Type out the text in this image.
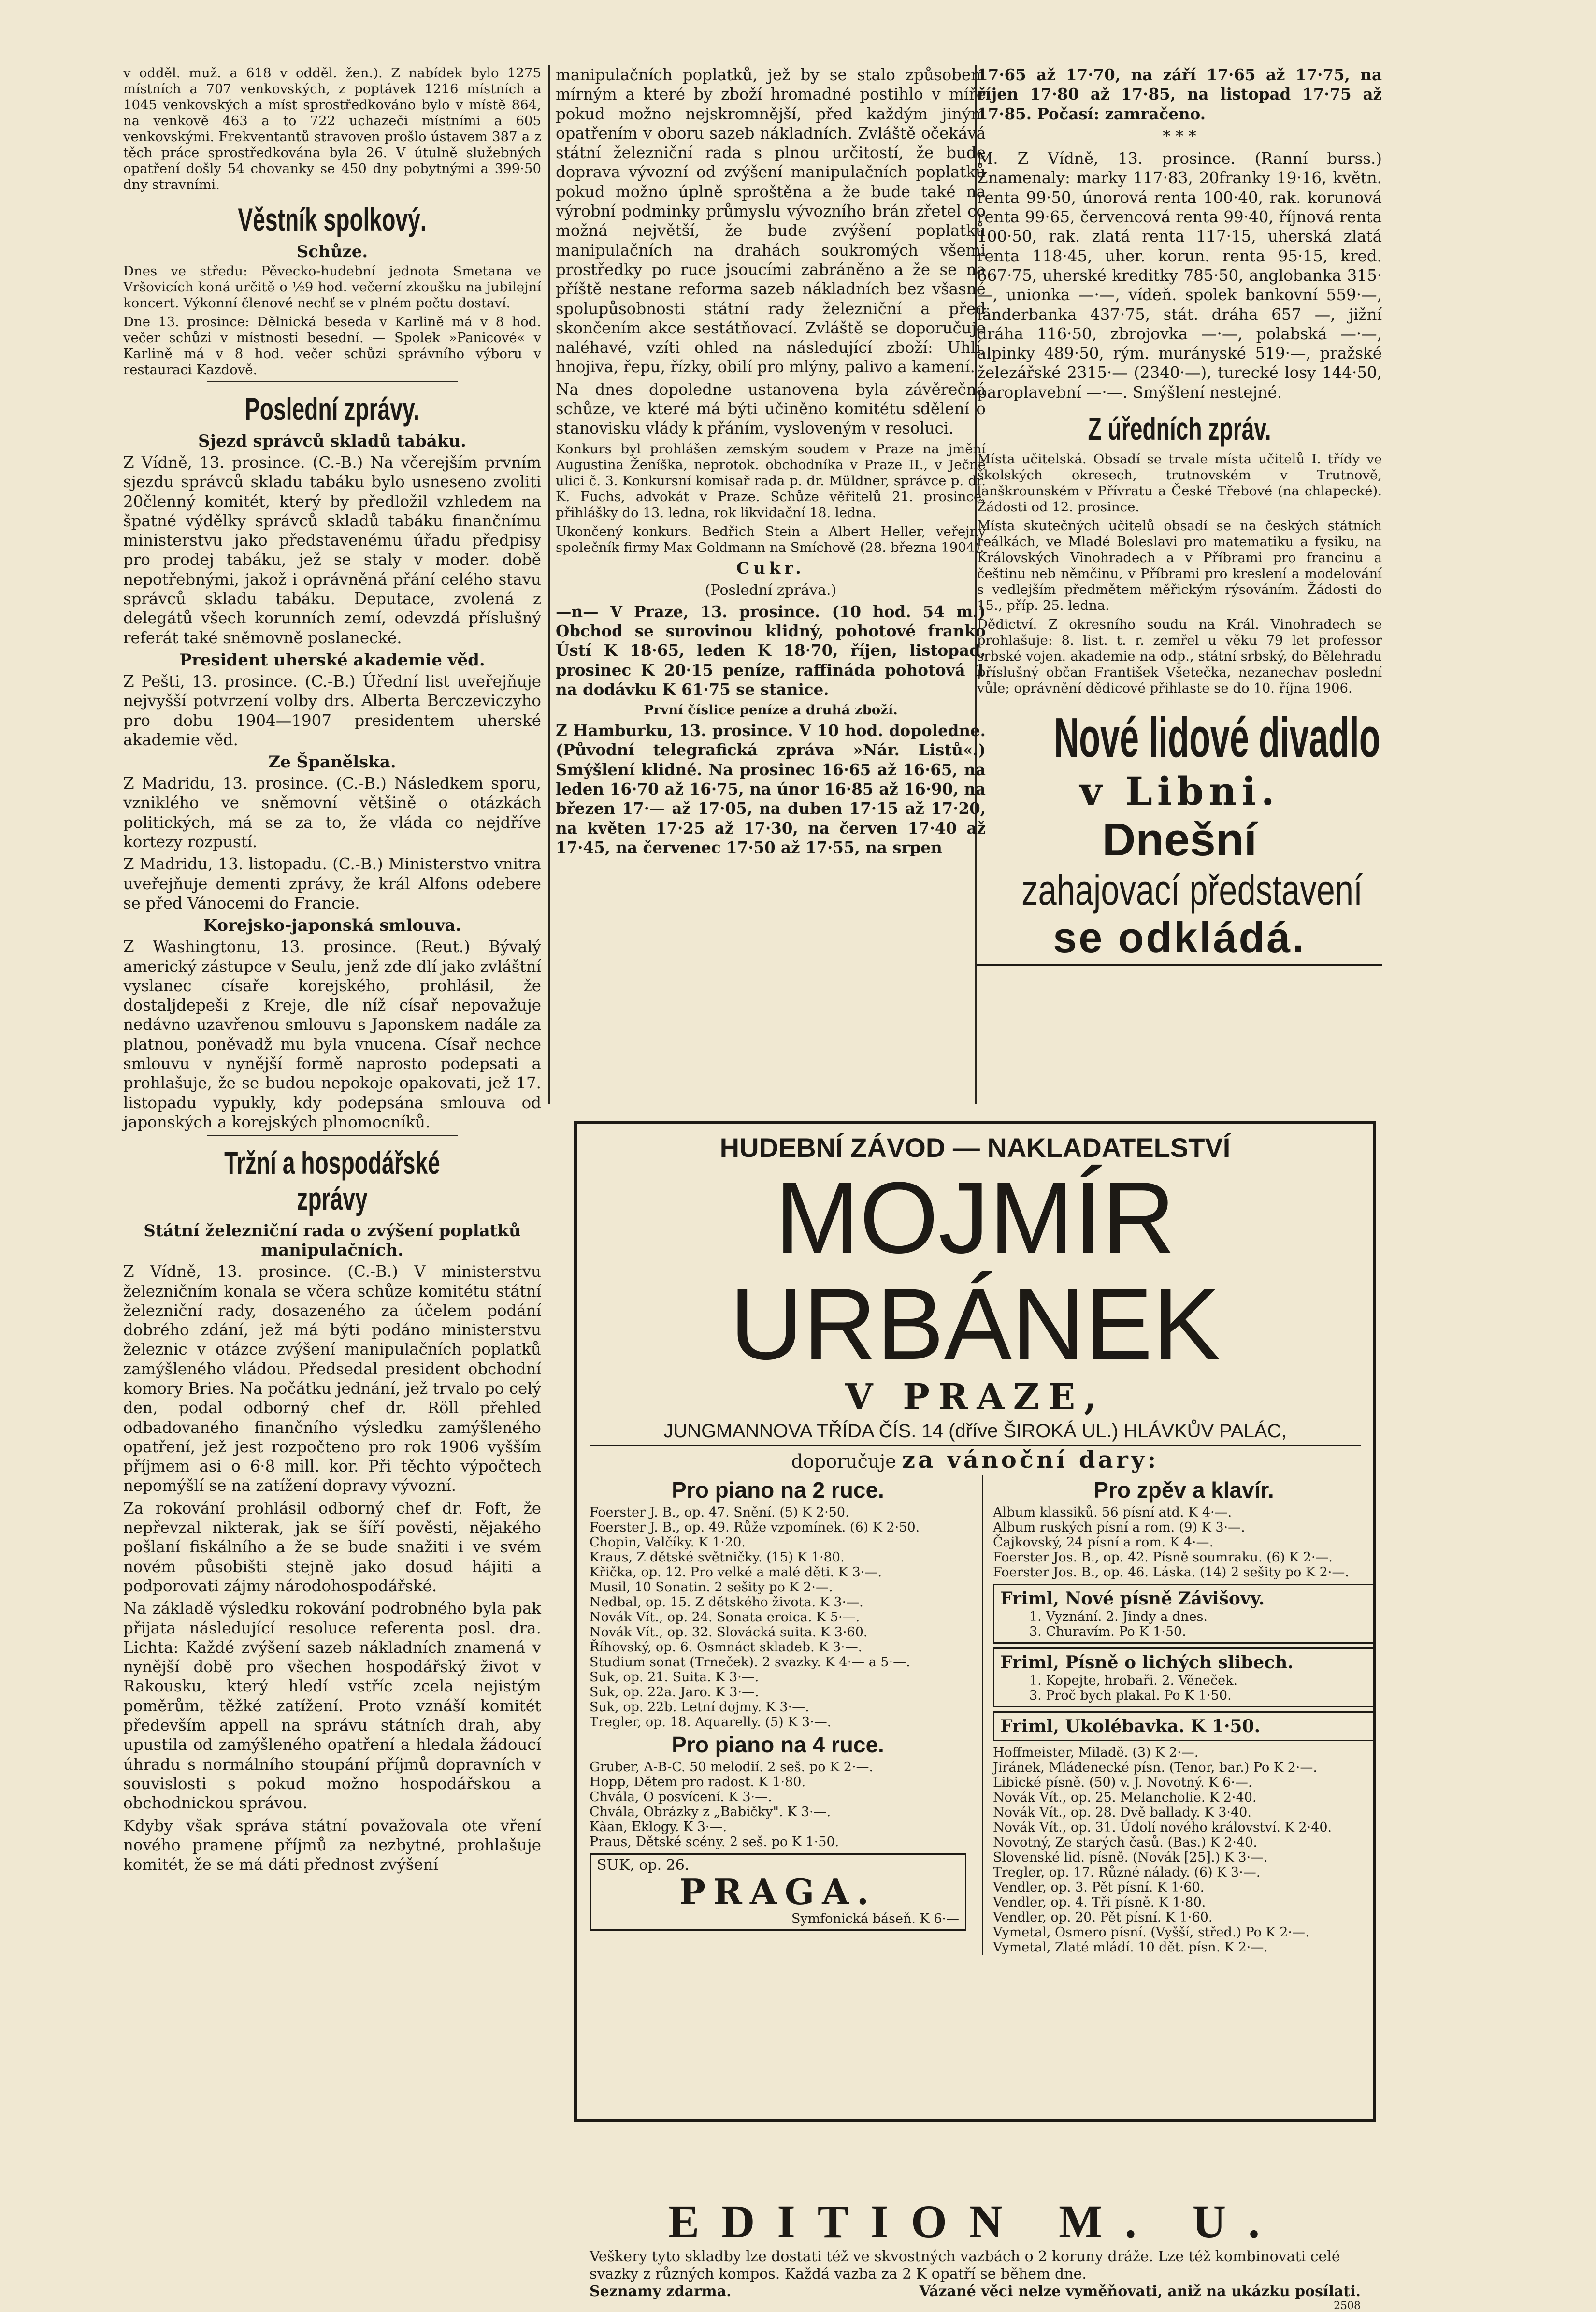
v odděl. muž. a 618 v odděl. žen.). Z nabídek bylo 1275 místních a 707 venkovských, z poptávek 1216 místních a 1045 venkovských a míst sprostředkováno bylo v místě 864, na venkově 463 a to 722 uchazeči místními a 605 venkovskými. Frekventantů stravoven prošlo ústavem 387 a z těch práce sprostředkována byla 26. V útulně služebných opatření došly 54 chovanky se 450 dny pobytnými a 399·50 dny stravními.

Věstník spolkový.
Schůze.

Dnes ve středu: Pěvecko-hudební jednota Smetana ve Vršovicích koná určitě o ½9 hod. večerní zkoušku na jubilejní koncert. Výkonní členové nechť se v plném počtu dostaví.

Dne 13. prosince: Dělnická beseda v Karlině má v 8 hod. večer schůzi v místnosti besední. — Spolek »Panicové« v Karlině má v 8 hod. večer schůzi správního výboru v restauraci Kazdově.

Poslední zprávy.
Sjezd správců skladů tabáku.

Z Vídně, 13. prosince. (C.-B.) Na včerejším prvním sjezdu správců skladu tabáku bylo usneseno zvoliti 20členný komitét, který by předložil vzhledem na špatné výdělky správců skladů tabáku finančnímu ministerstvu jako představenému úřadu předpisy pro prodej tabáku, jež se staly v moder. době nepotřebnými, jakož i oprávněná přání celého stavu správců skladu tabáku. Deputace, zvolená z delegátů všech korunních zemí, odevzdá příslušný referát také sněmovně poslanecké.

President uherské akademie věd.

Z Pešti, 13. prosince. (C.-B.) Úřední list uveřejňuje nejvyšší potvrzení volby drs. Alberta Berczeviczyho pro dobu 1904—1907 presidentem uherské akademie věd.

Ze Španělska.

Z Madridu, 13. prosince. (C.-B.) Následkem sporu, vzniklého ve sněmovní většině o otázkách politických, má se za to, že vláda co nejdříve kortezy rozpustí.

Z Madridu, 13. listopadu. (C.-B.) Ministerstvo vnitra uveřejňuje dementi zprávy, že král Alfons odebere se před Vánocemi do Francie.

Korejsko-japonská smlouva.

Z Washingtonu, 13. prosince. (Reut.) Bývalý americký zástupce v Seulu, jenž zde dlí jako zvláštní vyslanec císaře korejského, prohlásil, že dostaljdepeši z Kreje, dle níž císař nepovažuje nedávno uzavřenou smlouvu s Japonskem nadále za platnou, poněvadž mu byla vnucena. Císař nechce smlouvu v nynější formě naprosto podepsati a prohlašuje, že se budou nepokoje opakovati, jež 17. listopadu vypukly, kdy podepsána smlouva od japonských a korejských plnomocníků.

Tržní a hospodářské zprávy
Státní železniční rada o zvýšení poplatků manipulačních.

Z Vídně, 13. prosince. (C.-B.) V ministerstvu železničním konala se včera schůze komitétu státní železniční rady, dosazeného za účelem podání dobrého zdání, jež má býti podáno ministerstvu železnic v otázce zvýšení manipulačních poplatků zamýšleného vládou. Předsedal president obchodní komory Bries. Na počátku jednání, jež trvalo po celý den, podal odborný chef dr. Röll přehled odbadovaného finančního výsledku zamýšleného opatření, jež jest rozpočteno pro rok 1906 vyšším příjmem asi o 6·8 mill. kor. Při těchto výpočtech nepomýšlí se na zatížení dopravy vývozní.

Za rokování prohlásil odborný chef dr. Foft, že nepřevzal nikterak, jak se šíří pověsti, nějakého pošlaní fiskálního a že se bude snažiti i ve svém novém působišti stejně jako dosud hájiti a podporovati zájmy národohospodářské.

Na základě výsledku rokování podrobného byla pak přijata následující resoluce referenta posl. dra. Lichta: Každé zvýšení sazeb nákladních znamená v nynější době pro všechen hospodářský život v Rakousku, který hledí vstříc zcela nejistým poměrům, těžké zatížení. Proto vznáší komitét především appell na správu státních drah, aby upustila od zamýšleného opatření a hledala žádoucí úhradu s normálního stoupání příjmů dopravních v souvislosti s pokud možno hospodářskou a obchodnickou správou.

Kdyby však správa státní považovala ote vření nového pramene příjmů za nezbytné, prohlašuje komitét, že se má dáti přednost zvýšení

manipulačních poplatků, jež by se stalo způsobem mírným a které by zboží hromadné postihlo v míře pokud možno nejskromnější, před každým jiným opatřením v oboru sazeb nákladních. Zvláště očekává státní železniční rada s plnou určitostí, že bude doprava vývozní od zvýšení manipulačních poplatků pokud možno úplně sproštěna a že bude také na výrobní podminky průmyslu vývozního brán zřetel co možná největší, že bude zvýšení poplatků manipulačních na drahách soukromých všemi prostředky po ruce jsoucími zabráněno a že se na příště nestane reforma sazeb nákladních bez všasné spolupůsobnosti státní rady železniční a před skončením akce sestátňovací. Zvláště se doporučuje naléhavé, vzíti ohled na následující zboží: Uhlí, hnojiva, řepu, řízky, obilí pro mlýny, palivo a kamení.

Na dnes dopoledne ustanovena byla závěrečná schůze, ve které má býti učiněno komitétu sdělení o stanovisku vlády k přáním, vysloveným v resoluci.

Konkurs byl prohlášen zemským soudem v Praze na jmění Augustina Ženíška, neprotok. obchodníka v Praze II., v Ječné ulici č. 3. Konkursní komisař rada p. dr. Müldner, správce p. dr. K. Fuchs, advokát v Praze. Schůze věřitelů 21. prosince, přihlášky do 13. ledna, rok likvidační 18. ledna.

Ukončený konkurs. Bedřich Stein a Albert Heller, veřejný společník firmy Max Goldmann na Smíchově (28. března 1904).

Cukr.
(Poslední zpráva.)

—n— V Praze, 13. prosince. (10 hod. 54 m.) Obchod se surovinou klidný, pohotové franko Ústí K 18·65, leden K 18·70, říjen, listopad, prosinec K 20·15 peníze, raffináda pohotová 1 na dodávku K 61·75 se stanice.

První číslice peníze a druhá zboží.

Z Hamburku, 13. prosince. V 10 hod. dopoledne. (Původní telegrafická zpráva »Nár. Listů«.) Smýšlení klidné. Na prosinec 16·65 až 16·65, na leden 16·70 až 16·75, na únor 16·85 až 16·90, na březen 17·— až 17·05, na duben 17·15 až 17·20, na květen 17·25 až 17·30, na červen 17·40 až 17·45, na červenec 17·50 až 17·55, na srpen

17·65 až 17·70, na září 17·65 až 17·75, na říjen 17·80 až 17·85, na listopad 17·75 až 17·85. Počasí: zamračeno.

* * *

M. Z Vídně, 13. prosince. (Ranní burss.) Znamenaly: marky 117·83, 20franky 19·16, květn. renta 99·50, únorová renta 100·40, rak. korunová renta 99·65, červencová renta 99·40, říjnová renta 100·50, rak. zlatá renta 117·15, uherská zlatá renta 118·45, uher. korun. renta 95·15, kred. 667·75, uherské kreditky 785·50, anglobanka 315·—, unionka —·—, vídeň. spolek bankovní 559·—, länderbanka 437·75, stát. dráha 657 —, jižní dráha 116·50, zbrojovka —·—, polabská —·—, alpinky 489·50, rým. murányské 519·—, pražské železářské 2315·— (2340·—), turecké losy 144·50, paroplavební —·—. Smýšlení nestejné.

Z úředních zpráv.

Místa učitelská. Obsadí se trvale místa učitelů I. třídy ve školských okresech, trutnovském v Trutnově, lanškrounském v Přívratu a České Třebové (na chlapecké). Žádosti od 12. prosince.

Místa skutečných učitelů obsadí se na českých státních reálkách, ve Mladé Boleslavi pro matematiku a fysiku, na Královských Vinohradech a v Příbrami pro francinu a češtinu neb němčinu, v Příbrami pro kreslení a modelování s vedlejším předmětem měřickým rýsováním. Žádosti do 15., příp. 25. ledna.

Dědictví. Z okresního soudu na Král. Vinohradech se prohlašuje: 8. list. t. r. zemřel u věku 79 let professor srbské vojen. akademie na odp., státní srbský, do Bělehradu příslušný občan František Všetečka, nezanechav poslední vůle; oprávnění dědicové přihlaste se do 10. října 1906.

Nové lidové divadlo
v Libni.
Dnešní
zahajovací představení
se odkládá.
HUDEBNÍ ZÁVOD — NAKLADATELSTVÍ
MOJMÍR URBÁNEK
V PRAZE,
JUNGMANNOVA TŘÍDA ČÍS. 14 (dříve ŠIROKÁ UL.) HLÁVKŮV PALÁC,
doporučuje za vánoční dary:
Pro piano na 2 ruce.
Foerster J. B., op. 47. Snění. (5) K 2·50.
Foerster J. B., op. 49. Růže vzpomínek. (6) K 2·50.
Chopin, Valčíky. K 1·20.
Kraus, Z dětské světničky. (15) K 1·80.
Křička, op. 12. Pro velké a malé děti. K 3·—.
Musil, 10 Sonatin. 2 sešity po K 2·—.
Nedbal, op. 15. Z dětského života. K 3·—.
Novák Vít., op. 24. Sonata eroica. K 5·—.
Novák Vít., op. 32. Slovácká suita. K 3·60.
Říhovský, op. 6. Osmnáct skladeb. K 3·—.
Studium sonat (Trneček). 2 svazky. K 4·— a 5·—.
Suk, op. 21. Suita. K 3·—.
Suk, op. 22a. Jaro. K 3·—.
Suk, op. 22b. Letní dojmy. K 3·—.
Tregler, op. 18. Aquarelly. (5) K 3·—.
Pro piano na 4 ruce.
Gruber, A-B-C. 50 melodií. 2 seš. po K 2·—.
Hopp, Dětem pro radost. K 1·80.
Chvála, O posvícení. K 3·—.
Chvála, Obrázky z „Babičky". K 3·—.
Kàan, Eklogy. K 3·—.
Praus, Dětské scény. 2 seš. po K 1·50.
SUK, op. 26.
PRAGA.
Symfonická báseň. K 6·—
Pro zpěv a klavír.
Album klassiků. 56 písní atd. K 4·—.
Album ruských písní a rom. (9) K 3·—.
Čajkovský, 24 písní a rom. K 4·—.
Foerster Jos. B., op. 42. Písně soumraku. (6) K 2·—.
Foerster Jos. B., op. 46. Láska. (14) 2 sešity po K 2·—.
Friml, Nové písně Závišovy.
1. Vyznání. 2. Jindy a dnes.
3. Churavím. Po K 1·50.
Friml, Písně o lichých slibech.
1. Kopejte, hrobaři. 2. Věneček.
3. Proč bych plakal. Po K 1·50.
Friml, Ukolébavka. K 1·50.
Hoffmeister, Miladě. (3) K 2·—.
Jiránek, Mládenecké písn. (Tenor, bar.) Po K 2·—.
Libické písně. (50) v. J. Novotný. K 6·—.
Novák Vít., op. 25. Melancholie. K 2·40.
Novák Vít., op. 28. Dvě ballady. K 3·40.
Novák Vít., op. 31. Údolí nového království. K 2·40.
Novotný, Ze starých časů. (Bas.) K 2·40.
Slovenské lid. písně. (Novák [25].) K 3·—.
Tregler, op. 17. Různé nálady. (6) K 3·—.
Vendler, op. 3. Pět písní. K 1·60.
Vendler, op. 4. Tři písně. K 1·80.
Vendler, op. 20. Pět písní. K 1·60.
Vymetal, Osmero písní. (Vyšší, střed.) Po K 2·—.
Vymetal, Zlaté mládí. 10 dět. písn. K 2·—.
EDITION M. U.
Veškery tyto skladby lze dostati též ve skvostných vazbách o 2 koruny dráže. Lze též kombinovati celé svazky z různých kompos. Každá vazba za 2 K opatří se během dne.
Seznamy zdarma.	Vázané věci nelze vyměňovati, aniž na ukázku posílati.
2508
